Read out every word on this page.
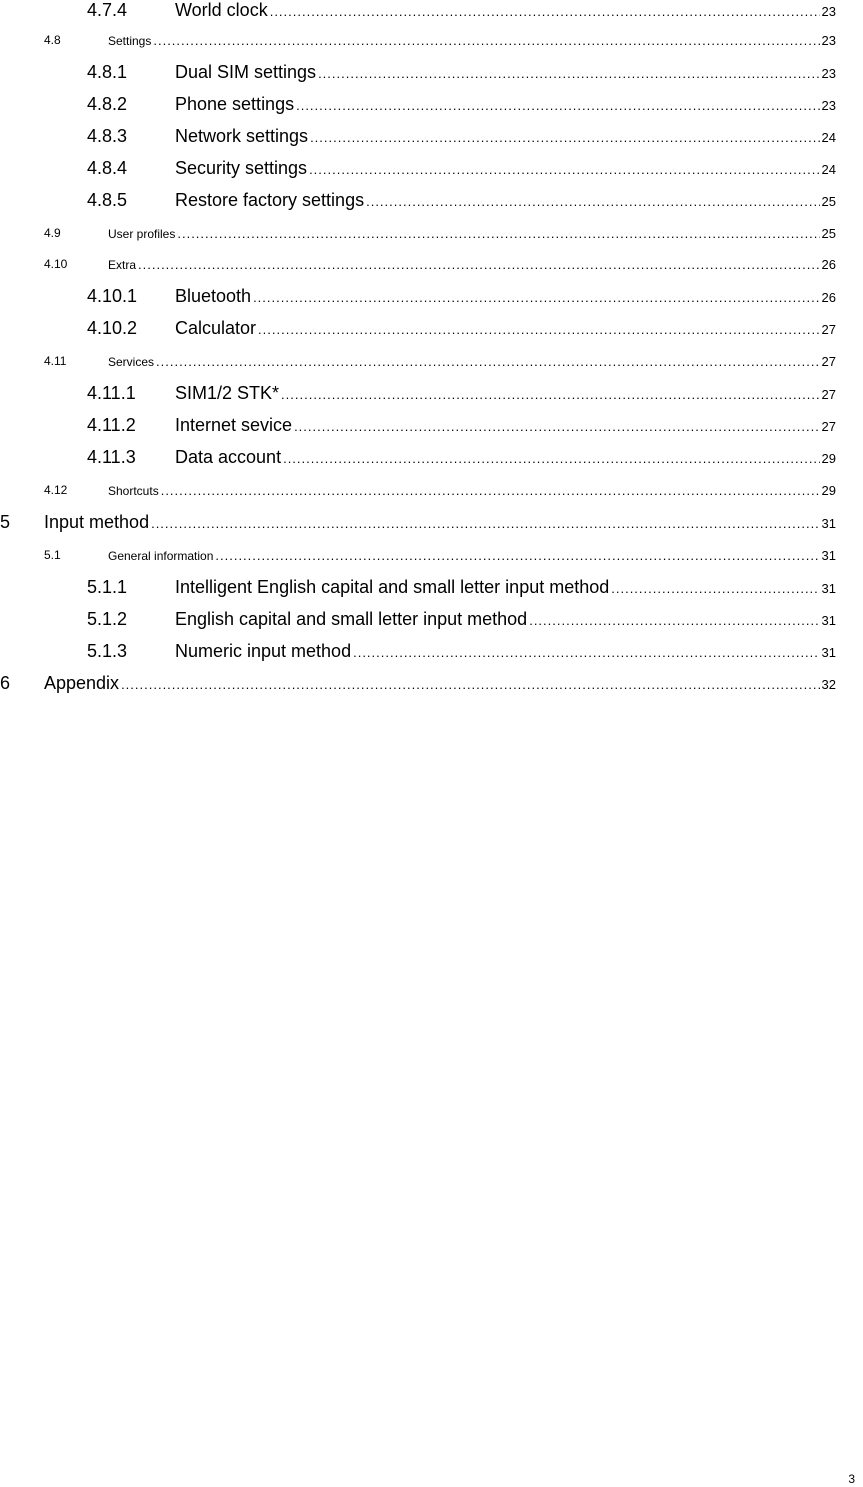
4.7.4	World clock .....	23
4.8	Settings .....	23
4.8.1	Dual SIM settings .....	23
4.8.2	Phone settings .....	23
4.8.3	Network settings .....	24
4.8.4	Security settings .....	24
4.8.5	Restore factory settings .....	25
4.9	User profiles .....	25
4.10	Extra .....	26
4.10.1	Bluetooth .....	26
4.10.2	Calculator .....	27
4.11	Services .....	27
4.11.1	SIM1/2 STK* .....	27
4.11.2	Internet sevice .....	27
4.11.3	Data account .....	29
4.12	Shortcuts .....	29
5	Input method .....	31
5.1	General information .....	31
5.1.1	Intelligent English capital and small letter input method .....	31
5.1.2	English capital and small letter input method .....	31
5.1.3	Numeric input method .....	31
6	Appendix .....	32
3
